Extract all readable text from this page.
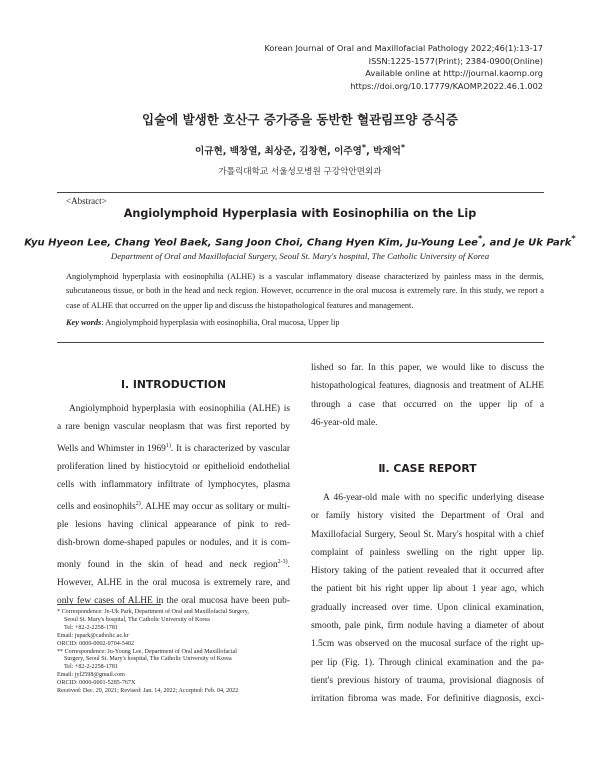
Korean Journal of Oral and Maxillofacial Pathology 2022;46(1):13-17
ISSN:1225-1577(Print); 2384-0900(Online)
Available online at http://journal.kaomp.org
https://doi.org/10.17779/KAOMP.2022.46.1.002
입술에 발생한 호산구 증가증을 동반한 혈관림프양 증식증
이규현, 백창열, 최상준, 김창현, 이주영*, 박재억*
가톨릭대학교 서울성모병원 구강악안면외과
<Abstract>
Angiolymphoid Hyperplasia with Eosinophilia on the Lip
Kyu Hyeon Lee, Chang Yeol Baek, Sang Joon Choi, Chang Hyen Kim, Ju-Young Lee*, and Je Uk Park*
Department of Oral and Maxillofacial Surgery, Seoul St. Mary's hospital, The Catholic University of Korea
Angiolymphoid hyperplasia with eosinophilia (ALHE) is a vascular inflammatory disease characterized by painless mass in the dermis, subcutaneous tissue, or both in the head and neck region. However, occurrence in the oral mucosa is extremely rare. In this study, we report a case of ALHE that occurred on the upper lip and discuss the histopathological features and management.
Key words: Angiolymphoid hyperplasia with eosinophilia, Oral mucosa, Upper lip
Ⅰ. INTRODUCTION
Angiolymphoid hyperplasia with eosinophilia (ALHE) is
a rare benign vascular neoplasm that was first reported by
Wells and Whimster in 1969$^{1)}$. It is characterized by vascular
proliferation lined by histiocytoid or epithelioid endothelial
cells with inflammatory infiltrate of lymphocytes, plasma
cells and eosinophils$^{2)}$. ALHE may occur as solitary or multi-
ple lesions having clinical appearance of pink to red-
dish-brown dome-shaped papules or nodules, and it is com-
monly found in the skin of head and neck region$^{2-3)}$.
However, ALHE in the oral mucosa is extremely rare, and
only few cases of ALHE in the oral mucosa have been pub-
* Correspondence: Je-Uk Park, Department of Oral and Maxillofacial Surgery,
Seoul St. Mary's hospital, The Catholic University of Korea
Tel: +82-2-2258-1781
Email: jupark@catholic.ac.kr
ORCID: 0000-0002-9704-5402
** Correspondence: Ju-Young Lee, Department of Oral and Maxillofacial
Surgery, Seoul St. Mary's hospital, The Catholic University of Korea
Tel: +82-2-2258-1781
Email: jyl2598@gmail.com
ORCID: 0000-0001-5285-767X
Received: Dec. 29, 2021; Revised: Jan. 14, 2022; Accepted: Feb. 04, 2022
lished so far. In this paper, we would like to discuss the
histopathological features, diagnosis and treatment of ALHE
through a case that occurred on the upper lip of a
46-year-old male.
Ⅱ. CASE REPORT
A 46-year-old male with no specific underlying disease
or family history visited the Department of Oral and
Maxillofacial Surgery, Seoul St. Mary's hospital with a chief
complaint of painless swelling on the right upper lip.
History taking of the patient revealed that it occurred after
the patient bit his right upper lip about 1 year ago, which
gradually increased over time. Upon clinical examination,
smooth, pale pink, firm nodule having a diameter of about
1.5cm was observed on the mucosal surface of the right up-
per lip (Fig. 1). Through clinical examination and the pa-
tient's previous history of trauma, provisional diagnosis of
irritation fibroma was made. For definitive diagnosis, exci-
